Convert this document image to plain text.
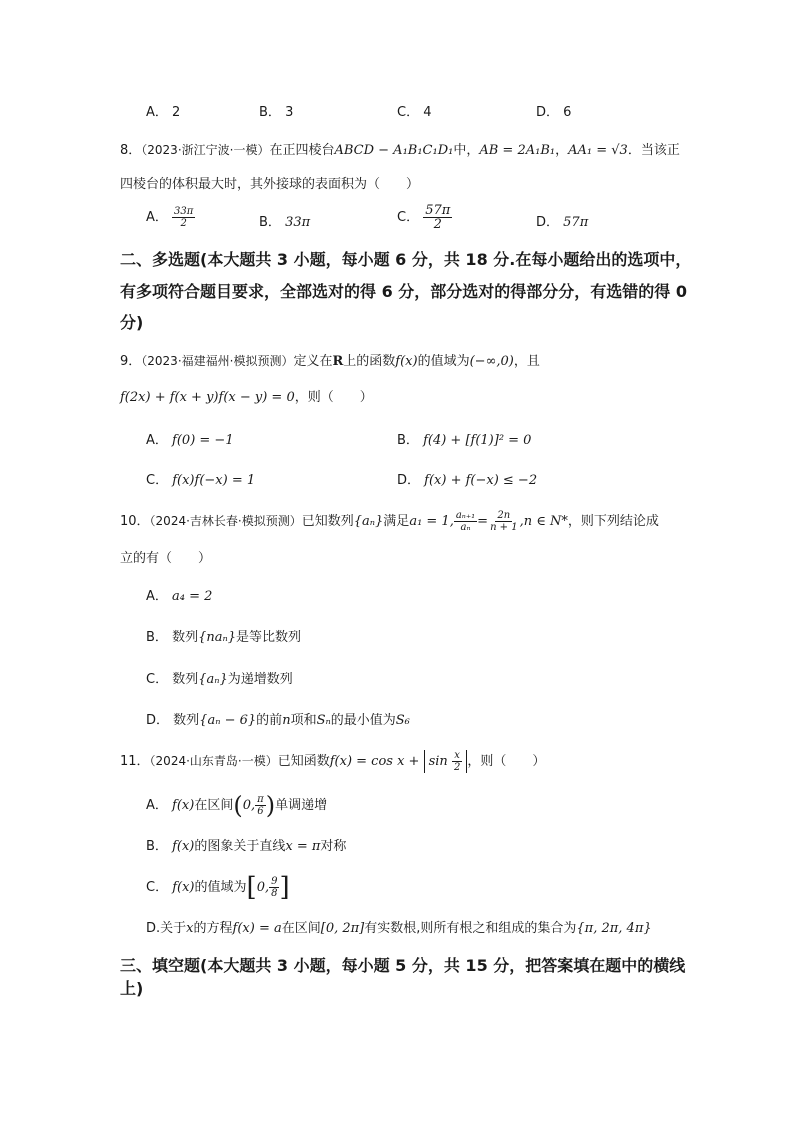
A． 2	B． 3	C． 4	D． 6
8．（2023·浙江宁波·一模）在正四棱台ABCD − A₁B₁C₁D₁中，AB = 2A₁B₁，AA₁ = √3．当该正
四棱台的体积最大时，其外接球的表面积为（　　）
A． $\frac{33\pi}{2}$	B． 33π	C． $\frac{57\pi}{2}$	D． 57π
二、多选题(本大题共 3 小题，每小题 6 分，共 18 分.在每小题给出的选项中，
有多项符合题目要求，全部选对的得 6 分，部分选对的得部分分，有选错的得 0
分)
9．（2023·福建福州·模拟预测）定义在R上的函数f(x)的值域为(−∞,0)，且
f(2x) + f(x + y)f(x − y) = 0，则（　　）
A． f(0) = −1	B． f(4) + [f(1)]² = 0
C． f(x)f(−x) = 1	D． f(x) + f(−x) ≤ −2
10．（2024·吉林长春·模拟预测）已知数列{aₙ}满足a₁ = 1, $\frac{\text{aₙ₊₁}}{\text{aₙ}} = \frac{2n}{n + 1} ,n$ ∈ N*，则下列结论成
立的有（　　）
A． a₄ = 2
B． 数列{naₙ}是等比数列
C． 数列{aₙ}为递增数列
D． 数列{aₙ − 6}的前n项和Sₙ的最小值为S₆
11．（2024·山东青岛·一模）已知函数$f(x) = \cos x + \sin \frac{x}{2}$ ，则（　　）
A． f(x)在区间(0, $\frac{\pi}{6}$ )单调递增
B． f(x)的图象关于直线x = π对称
C． f(x)的值域为[0, $\frac{9}{8}$ ]
D.关于x的方程f(x) = a在区间[0, 2π]有实数根,则所有根之和组成的集合为{π, 2π, 4π}
三、填空题(本大题共 3 小题，每小题 5 分，共 15 分，把答案填在题中的横线
上)
